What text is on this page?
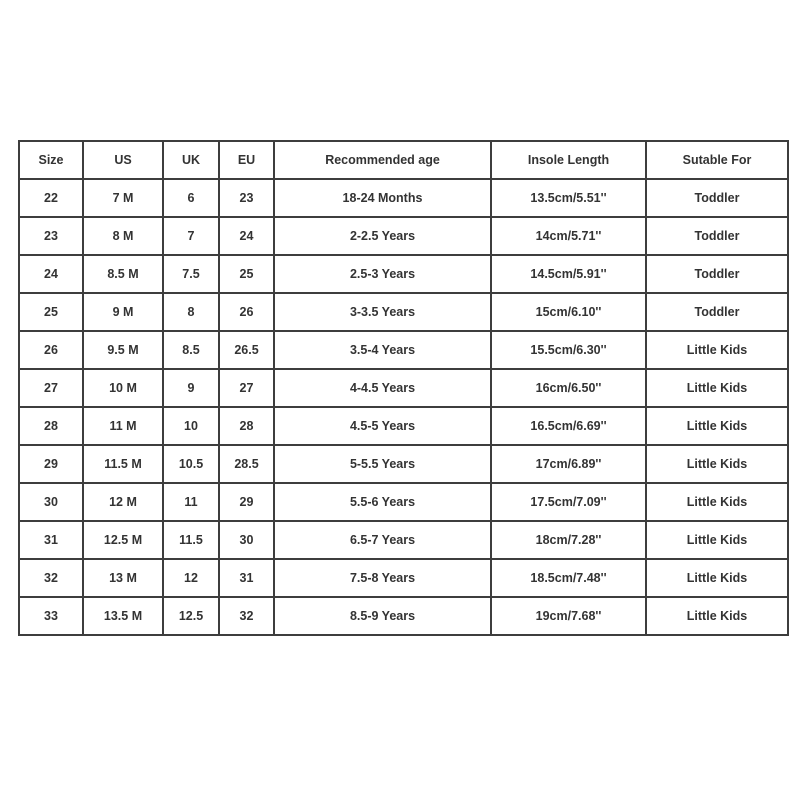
Size	US	UK	EU	Recommended age	Insole Length	Sutable For
22	7 M	6	23	18-24 Months	13.5cm/5.51''	Toddler
23	8 M	7	24	2-2.5 Years	14cm/5.71''	Toddler
24	8.5 M	7.5	25	2.5-3 Years	14.5cm/5.91''	Toddler
25	9 M	8	26	3-3.5 Years	15cm/6.10''	Toddler
26	9.5 M	8.5	26.5	3.5-4 Years	15.5cm/6.30''	Little Kids
27	10 M	9	27	4-4.5 Years	16cm/6.50''	Little Kids
28	11 M	10	28	4.5-5 Years	16.5cm/6.69''	Little Kids
29	11.5 M	10.5	28.5	5-5.5 Years	17cm/6.89''	Little Kids
30	12 M	11	29	5.5-6 Years	17.5cm/7.09''	Little Kids
31	12.5 M	11.5	30	6.5-7 Years	18cm/7.28''	Little Kids
32	13 M	12	31	7.5-8 Years	18.5cm/7.48''	Little Kids
33	13.5 M	12.5	32	8.5-9 Years	19cm/7.68''	Little Kids
